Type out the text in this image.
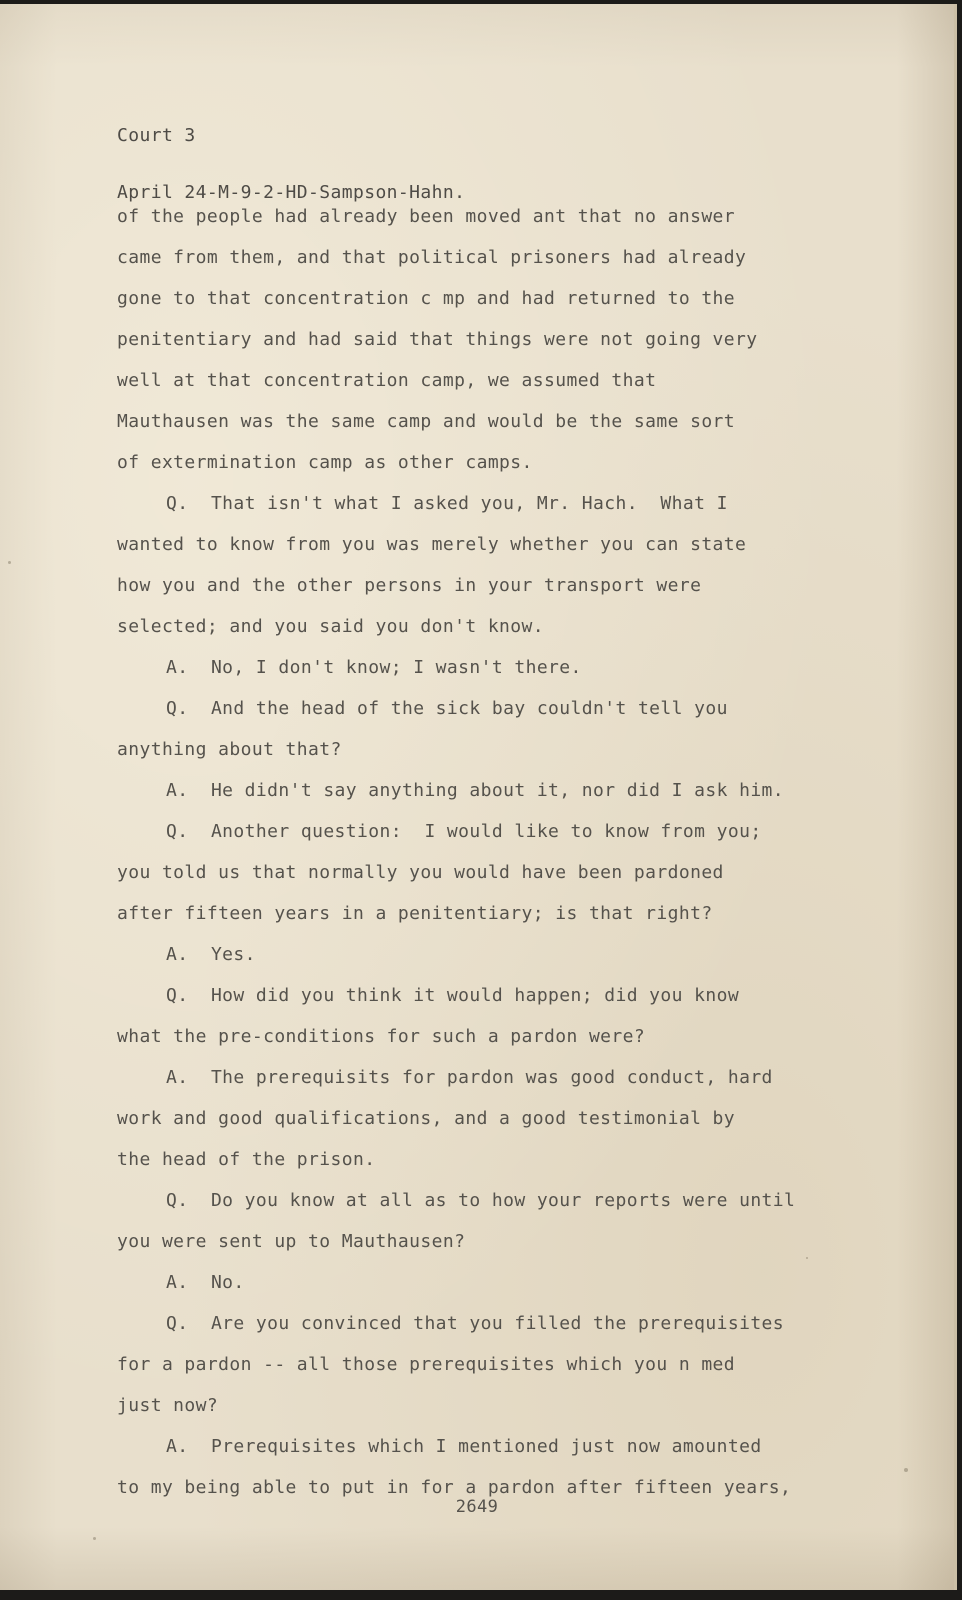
Court 3

April 24-M-9-2-HD-Sampson-Hahn.

of the people had already been moved ant that no answer
came from them, and that political prisoners had already
gone to that concentration c mp and had returned to the
penitentiary and had said that things were not going very
well at that concentration camp, we assumed that
Mauthausen was the same camp and would be the same sort
of extermination camp as other camps.
Q.  That isn't what I asked you, Mr. Hach.  What I
wanted to know from you was merely whether you can state
how you and the other persons in your transport were
selected; and you said you don't know.
A.  No, I don't know; I wasn't there.
Q.  And the head of the sick bay couldn't tell you
anything about that?
A.  He didn't say anything about it, nor did I ask him.
Q.  Another question:  I would like to know from you;
you told us that normally you would have been pardoned
after fifteen years in a penitentiary; is that right?
A.  Yes.
Q.  How did you think it would happen; did you know
what the pre-conditions for such a pardon were?
A.  The prerequisits for pardon was good conduct, hard
work and good qualifications, and a good testimonial by
the head of the prison.
Q.  Do you know at all as to how your reports were until
you were sent up to Mauthausen?
A.  No.
Q.  Are you convinced that you filled the prerequisites
for a pardon -- all those prerequisites which you n med
just now?
A.  Prerequisites which I mentioned just now amounted
to my being able to put in for a pardon after fifteen years,
2649
